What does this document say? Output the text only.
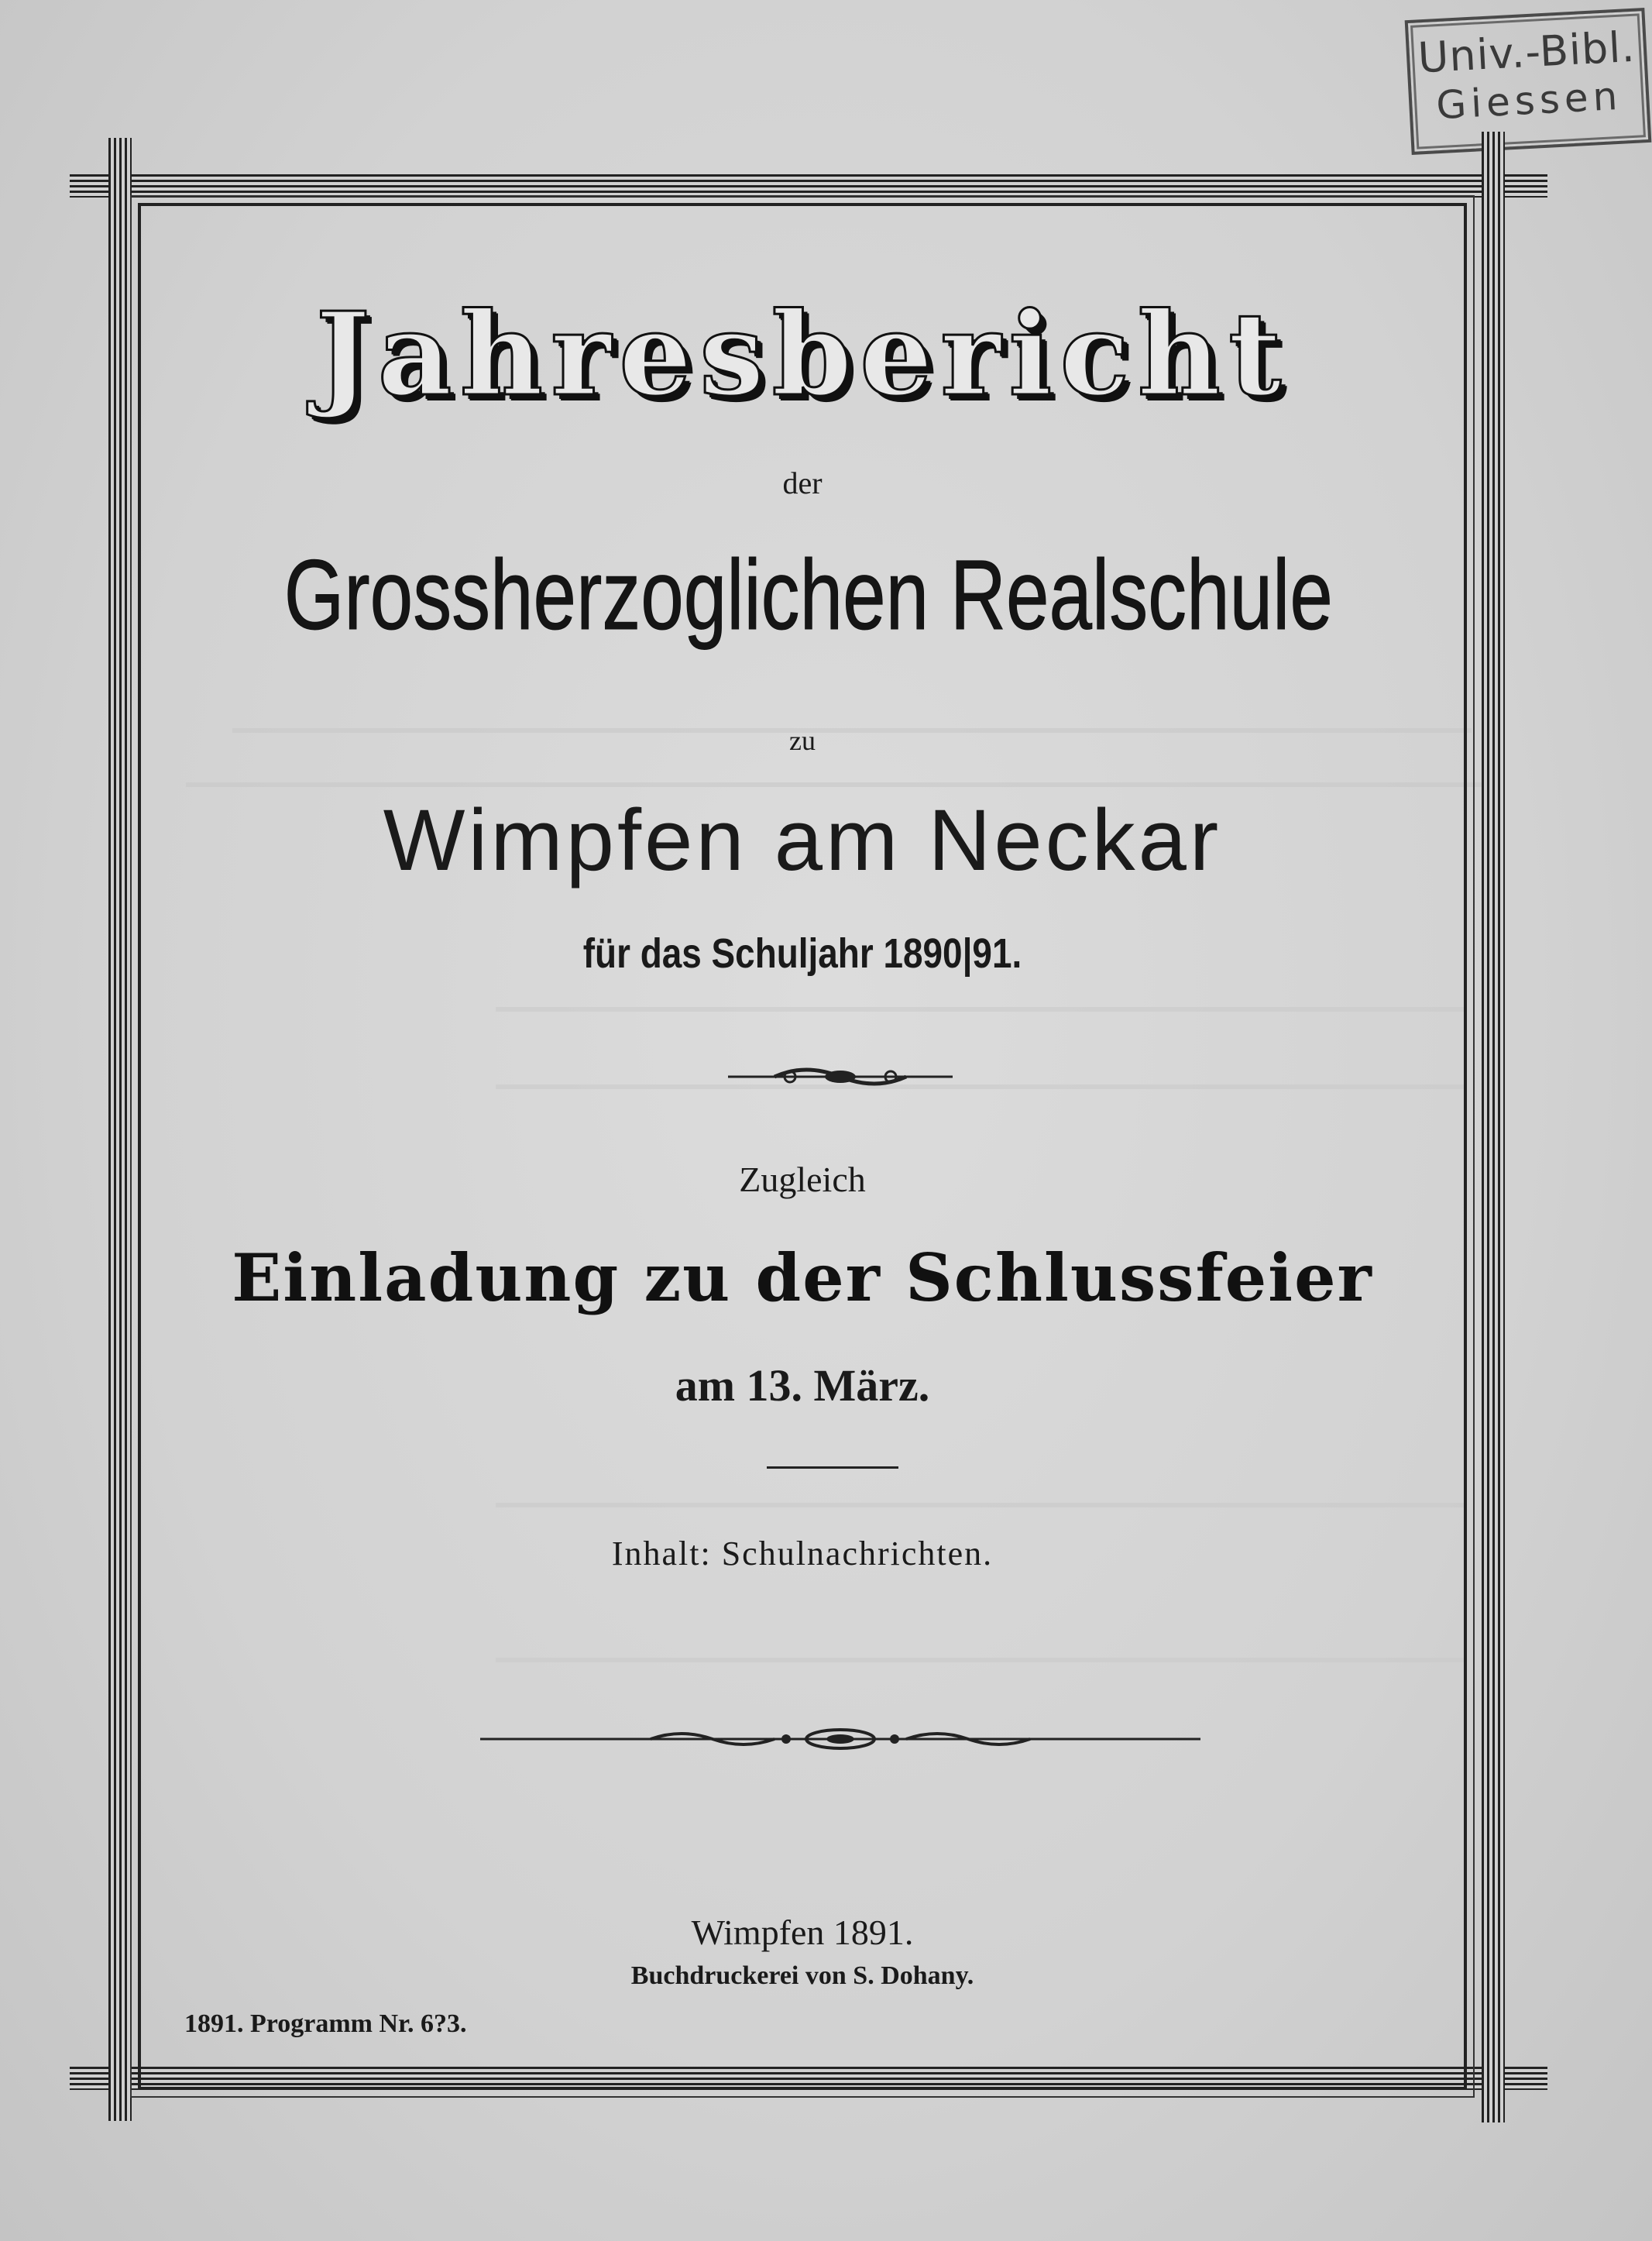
Univ.-Bibl.
Giessen
Jahresbericht
der
Grossherzoglichen Realschule
zu
Wimpfen am Neckar
für das Schuljahr 1890|91.
Zugleich
Einladung zu der Schlussfeier
am 13. März.
Inhalt: Schulnachrichten.
Wimpfen 1891.
Buchdruckerei von S. Dohany.
1891. Programm Nr. 6?3.
